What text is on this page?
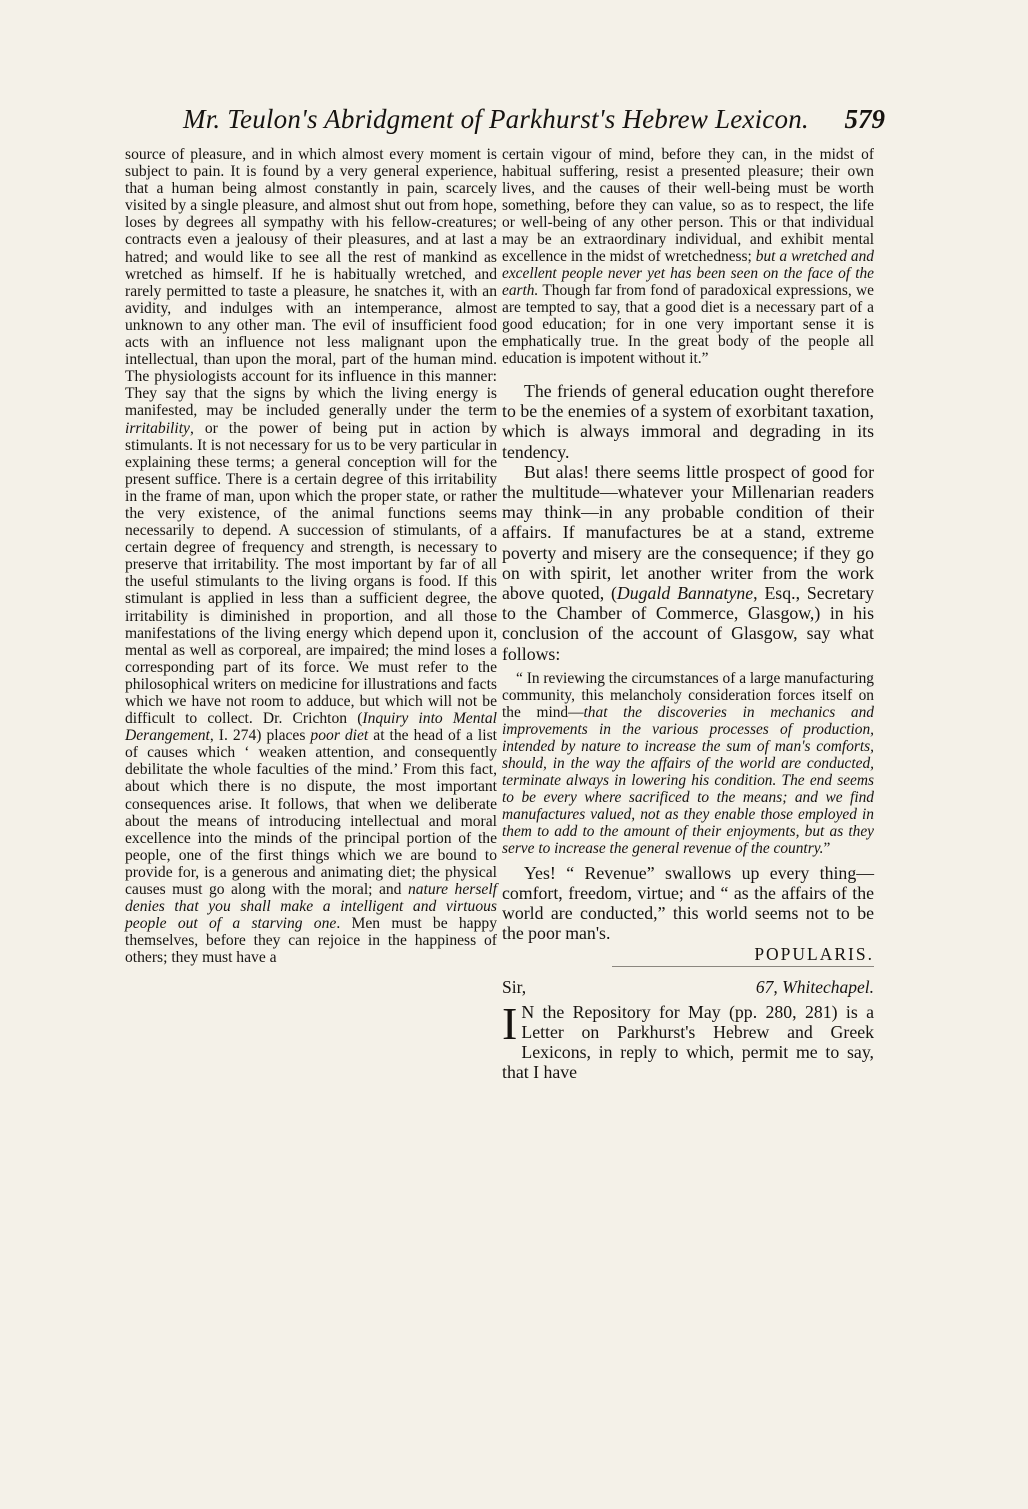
Mr. Teulon's Abridgment of Parkhurst's Hebrew Lexicon. 579

source of pleasure, and in which almost every moment is subject to pain. It is found by a very general experience, that a human being almost constantly in pain, scarcely visited by a single pleasure, and almost shut out from hope, loses by degrees all sympathy with his fellow-creatures; contracts even a jealousy of their pleasures, and at last a hatred; and would like to see all the rest of mankind as wretched as himself. If he is habitually wretched, and rarely permitted to taste a pleasure, he snatches it, with an avidity, and indulges with an intemperance, almost unknown to any other man. The evil of insufficient food acts with an influence not less malignant upon the intellectual, than upon the moral, part of the human mind. The physiologists account for its influence in this manner: They say that the signs by which the living energy is manifested, may be included generally under the term irritability, or the power of being put in action by stimulants. It is not necessary for us to be very particular in explaining these terms; a general conception will for the present suffice. There is a certain degree of this irritability in the frame of man, upon which the proper state, or rather the very existence, of the animal functions seems necessarily to depend. A succession of stimulants, of a certain degree of frequency and strength, is necessary to preserve that irritability. The most important by far of all the useful stimulants to the living organs is food. If this stimulant is applied in less than a sufficient degree, the irritability is diminished in proportion, and all those manifestations of the living energy which depend upon it, mental as well as corporeal, are impaired; the mind loses a corresponding part of its force. We must refer to the philosophical writers on medicine for illustrations and facts which we have not room to adduce, but which will not be difficult to collect. Dr. Crichton (Inquiry into Mental Derangement, I. 274) places poor diet at the head of a list of causes which ‘ weaken attention, and consequently debilitate the whole faculties of the mind.’ From this fact, about which there is no dispute, the most important consequences arise. It follows, that when we deliberate about the means of introducing intellectual and moral excellence into the minds of the principal portion of the people, one of the first things which we are bound to provide for, is a generous and animating diet; the physical causes must go along with the moral; and nature herself denies that you shall make a intelligent and virtuous people out of a starving one. Men must be happy themselves, before they can rejoice in the happiness of others; they must have a

certain vigour of mind, before they can, in the midst of habitual suffering, resist a presented pleasure; their own lives, and the causes of their well-being must be worth something, before they can value, so as to respect, the life or well-being of any other person. This or that individual may be an extraordinary individual, and exhibit mental excellence in the midst of wretchedness; but a wretched and excellent people never yet has been seen on the face of the earth. Though far from fond of paradoxical expressions, we are tempted to say, that a good diet is a necessary part of a good education; for in one very important sense it is emphatically true. In the great body of the people all education is impotent without it.”

The friends of general education ought therefore to be the enemies of a system of exorbitant taxation, which is always immoral and degrading in its tendency.

But alas! there seems little prospect of good for the multitude—whatever your Millenarian readers may think—in any probable condition of their affairs. If manufactures be at a stand, extreme poverty and misery are the consequence; if they go on with spirit, let another writer from the work above quoted, (Dugald Bannatyne, Esq., Secretary to the Chamber of Commerce, Glasgow,) in his conclusion of the account of Glasgow, say what follows:

“ In reviewing the circumstances of a large manufacturing community, this melancholy consideration forces itself on the mind—that the discoveries in mechanics and improvements in the various processes of production, intended by nature to increase the sum of man's comforts, should, in the way the affairs of the world are conducted, terminate always in lowering his condition. The end seems to be every where sacrificed to the means; and we find manufactures valued, not as they enable those employed in them to add to the amount of their enjoyments, but as they serve to increase the general revenue of the country.”

Yes! “ Revenue” swallows up every thing—comfort, freedom, virtue; and “ as the affairs of the world are conducted,” this world seems not to be the poor man's.

POPULARIS.
Sir,	67, Whitechapel.
I N the Repository for May (pp. 280, 281) is a Letter on Parkhurst's Hebrew and Greek Lexicons, in reply to which, permit me to say, that I have
